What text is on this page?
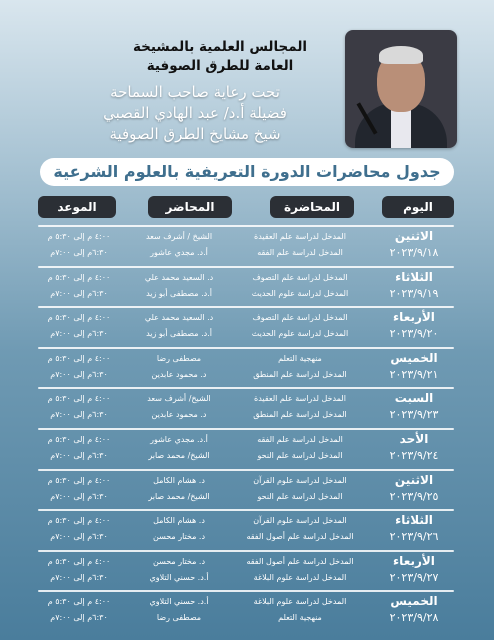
المجالس العلمية بالمشيخة
العامة للطرق الصوفية
تحت رعاية صاحب السماحة
فضيلة أ.د/ عبد الهادي القصبي
شيخ مشايخ الطرق الصوفية
جدول محاضرات الدورة التعريفية بالعلوم الشرعية
اليوم
المحاضرة
المحاضر
الموعد
الاثنين
٢٠٢٣/٩/١٨
المدخل لدراسة علم العقيدة
المدخل لدراسة علم الفقه
الشيخ / أشرف سعد
أ.د. مجدي عاشور
٤:٠٠ م إلى ٥:٣٠ م
٦:٣٠م إلى ٧:٠٠م
الثلاثاء
٢٠٢٣/٩/١٩
المدخل لدراسة علم التصوف
المدخل لدراسة علوم الحديث
د. السعيد محمد علي
أ.د. مصطفى أبو زيد
٤:٠٠ م إلى ٥:٣٠ م
٦:٣٠م إلى ٧:٠٠م
الأربعاء
٢٠٢٣/٩/٢٠
المدخل لدراسة علم التصوف
المدخل لدراسة علوم الحديث
د. السعيد محمد علي
أ.د. مصطفى أبو زيد
٤:٠٠ م إلى ٥:٣٠ م
٦:٣٠م إلى ٧:٠٠م
الخميس
٢٠٢٣/٩/٢١
منهجية التعلم
المدخل لدراسة علم المنطق
مصطفى رضا
د. محمود عابدين
٤:٠٠ م إلى ٥:٣٠ م
٦:٣٠م إلى ٧:٠٠م
السبت
٢٠٢٣/٩/٢٣
المدخل لدراسة علم العقيدة
المدخل لدراسة علم المنطق
الشيخ/ أشرف سعد
د. محمود عابدين
٤:٠٠ م إلى ٥:٣٠ م
٦:٣٠م إلى ٧:٠٠م
الأحد
٢٠٢٣/٩/٢٤
المدخل لدراسة علم الفقه
المدخل لدراسة علم النحو
أ.د. مجدي عاشور
الشيخ/ محمد صابر
٤:٠٠ م إلى ٥:٣٠ م
٦:٣٠م إلى ٧:٠٠م
الاثنين
٢٠٢٣/٩/٢٥
المدخل لدراسة علوم القرآن
المدخل لدراسة علم النحو
د. هشام الكامل
الشيخ/ محمد صابر
٤:٠٠ م إلى ٥:٣٠ م
٦:٣٠م إلى ٧:٠٠م
الثلاثاء
٢٠٢٣/٩/٢٦
المدخل لدراسة علوم القرآن
المدخل لدراسة علم أصول الفقه
د. هشام الكامل
د. مختار محسن
٤:٠٠ م إلى ٥:٣٠ م
٦:٣٠م إلى ٧:٠٠م
الأربعاء
٢٠٢٣/٩/٢٧
المدخل لدراسة علم أصول الفقه
المدخل لدراسة علوم البلاغة
د. مختار محسن
أ.د. حسني التلاوي
٤:٠٠ م إلى ٥:٣٠ م
٦:٣٠م إلى ٧:٠٠م
الخميس
٢٠٢٣/٩/٢٨
المدخل لدراسة علوم البلاغة
منهجية التعلم
أ.د. حسني التلاوي
مصطفى رضا
٤:٠٠ م إلى ٥:٣٠ م
٦:٣٠م إلى ٧:٠٠م
